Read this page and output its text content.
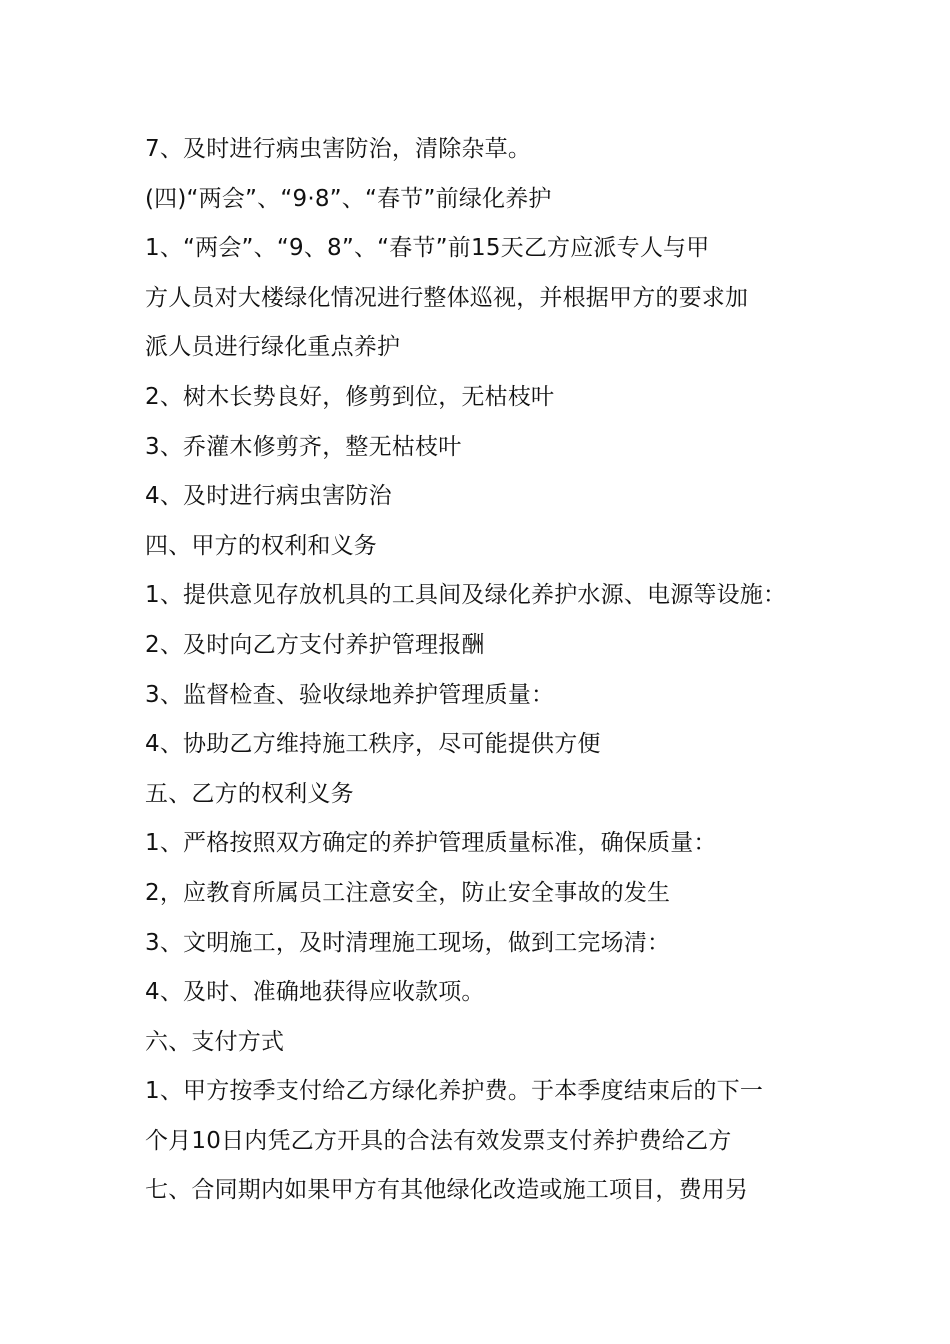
7、及时进行病虫害防治，清除杂草。
(四)“两会”、“9·8”、“春节”前绿化养护
1、“两会”、“9、8”、“春节”前15天乙方应派专人与甲
方人员对大楼绿化情况进行整体巡视，并根据甲方的要求加
派人员进行绿化重点养护
2、树木长势良好，修剪到位，无枯枝叶
3、乔灌木修剪齐，整无枯枝叶
4、及时进行病虫害防治
四、甲方的权利和义务
1、提供意见存放机具的工具间及绿化养护水源、电源等设施：
2、及时向乙方支付养护管理报酬
3、监督检查、验收绿地养护管理质量：
4、协助乙方维持施工秩序，尽可能提供方便
五、乙方的权利义务
1、严格按照双方确定的养护管理质量标准，确保质量：
2，应教育所属员工注意安全，防止安全事故的发生
3、文明施工，及时清理施工现场，做到工完场清：
4、及时、准确地获得应收款项。
六、支付方式
1、甲方按季支付给乙方绿化养护费。于本季度结束后的下一
个月10日内凭乙方开具的合法有效发票支付养护费给乙方
七、合同期内如果甲方有其他绿化改造或施工项目，费用另
